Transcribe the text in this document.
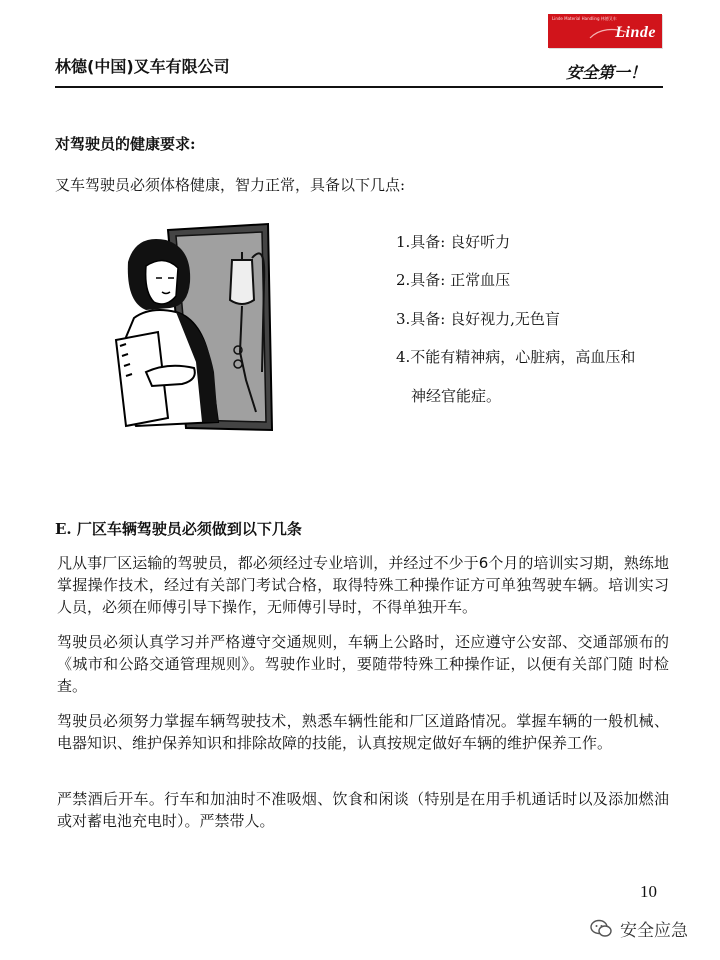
Linde Material Handling 林德叉车
Linde
林德(中国)叉车有限公司	安全第一！
对驾驶员的健康要求:
叉车驾驶员必须体格健康，智力正常，具备以下几点:
1.具备: 良好听力
2.具备: 正常血压
3.具备: 良好视力,无色盲
4.不能有精神病，心脏病，高血压和
神经官能症。
E. 厂区车辆驾驶员必须做到以下几条

凡从事厂区运输的驾驶员，都必须经过专业培训，并经过不少于6个月的培训实习期，熟练地掌握操作技术，经过有关部门考试合格，取得特殊工种操作证方可单独驾驶车辆。培训实习人员，必须在师傅引导下操作，无师傅引导时，不得单独开车。

驾驶员必须认真学习并严格遵守交通规则，车辆上公路时，还应遵守公安部、交通部颁布的《城市和公路交通管理规则》。驾驶作业时，要随带特殊工种操作证，以便有关部门随 时检查。

驾驶员必须努力掌握车辆驾驶技术，熟悉车辆性能和厂区道路情况。掌握车辆的一般机械、电器知识、维护保养知识和排除故障的技能，认真按规定做好车辆的维护保养工作。

严禁酒后开车。行车和加油时不准吸烟、饮食和闲谈（特别是在用手机通话时以及添加燃油或对蓄电池充电时）。严禁带人。

10
安全应急
